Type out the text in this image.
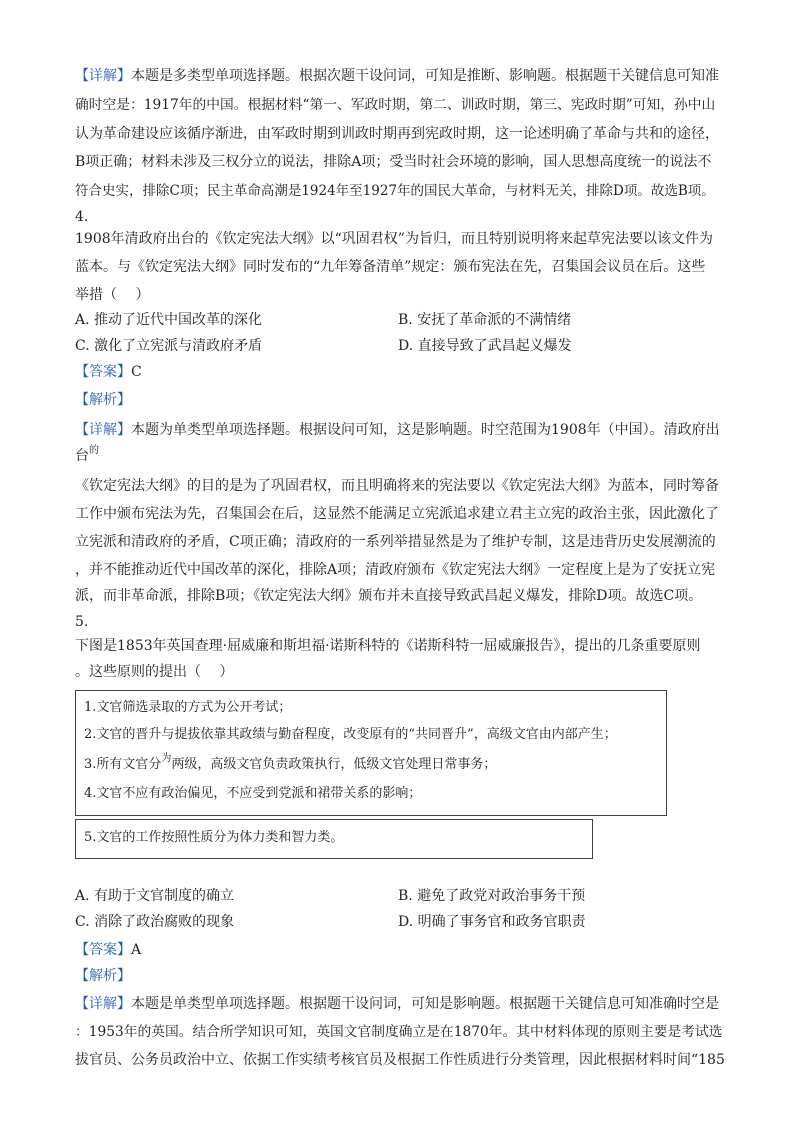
【详解】本题是多类型单项选择题。根据次题干设问词，可知是推断、影响题。根据题干关键信息可知准
确时空是：1917年的中国。根据材料“第一、军政时期，第二、训政时期，第三、宪政时期”可知，孙中山
认为革命建设应该循序渐进，由军政时期到训政时期再到宪政时期，这一论述明确了革命与共和的途径，
B项正确；材料未涉及三权分立的说法，排除A项；受当时社会环境的影响，国人思想高度统一的说法不
符合史实，排除C项；民主革命高潮是1924年至1927年的国民大革命，与材料无关，排除D项。故选B项。
4.
1908年清政府出台的《钦定宪法大纲》以“巩固君权”为旨归，而且特别说明将来起草宪法要以该文件为
蓝本。与《钦定宪法大纲》同时发布的“九年筹备清单”规定：颁布宪法在先，召集国会议员在后。这些
举措（　 ）
A. 推动了近代中国改革的深化	B. 安抚了革命派的不满情绪
C. 激化了立宪派与清政府矛盾	D. 直接导致了武昌起义爆发
【答案】C
【解析】
【详解】本题为单类型单项选择题。根据设问可知，这是影响题。时空范围为1908年（中国）。清政府出
台$^的$
《钦定宪法大纲》的目的是为了巩固君权，而且明确将来的宪法要以《钦定宪法大纲》为蓝本，同时筹备
工作中颁布宪法为先，召集国会在后，这显然不能满足立宪派追求建立君主立宪的政治主张，因此激化了
立宪派和清政府的矛盾，C项正确；清政府的一系列举措显然是为了维护专制，这是违背历史发展潮流的
，并不能推动近代中国改革的深化，排除A项；清政府颁布《钦定宪法大纲》一定程度上是为了安抚立宪
派，而非革命派，排除B项；《钦定宪法大纲》颁布并未直接导致武昌起义爆发，排除D项。故选C项。
5.
下图是1853年英国查理·屈威廉和斯坦福·诺斯科特的《诺斯科特一屈威廉报告》，提出的几条重要原则
。这些原则的提出（　 ）
1.文官筛选录取的方式为公开考试；
2.文官的晋升与提拔依靠其政绩与勤奋程度，改变原有的“共同晋升”，高级文官由内部产生；
3.所有文官分$^为$两级，高级文官负责政策执行，低级文官处理日常事务；
4.文官不应有政治偏见，不应受到党派和裙带关系的影响；
5.文官的工作按照性质分为体力类和智力类。
A. 有助于文官制度的确立	B. 避免了政党对政治事务干预
C. 消除了政治腐败的现象	D. 明确了事务官和政务官职责
【答案】A
【解析】
【详解】本题是单类型单项选择题。根据题干设问词，可知是影响题。根据题干关键信息可知准确时空是
：1953年的英国。结合所学知识可知，英国文官制度确立是在1870年。其中材料体现的原则主要是考试选
拔官员、公务员政治中立、依据工作实绩考核官员及根据工作性质进行分类管理，因此根据材料时间“185
